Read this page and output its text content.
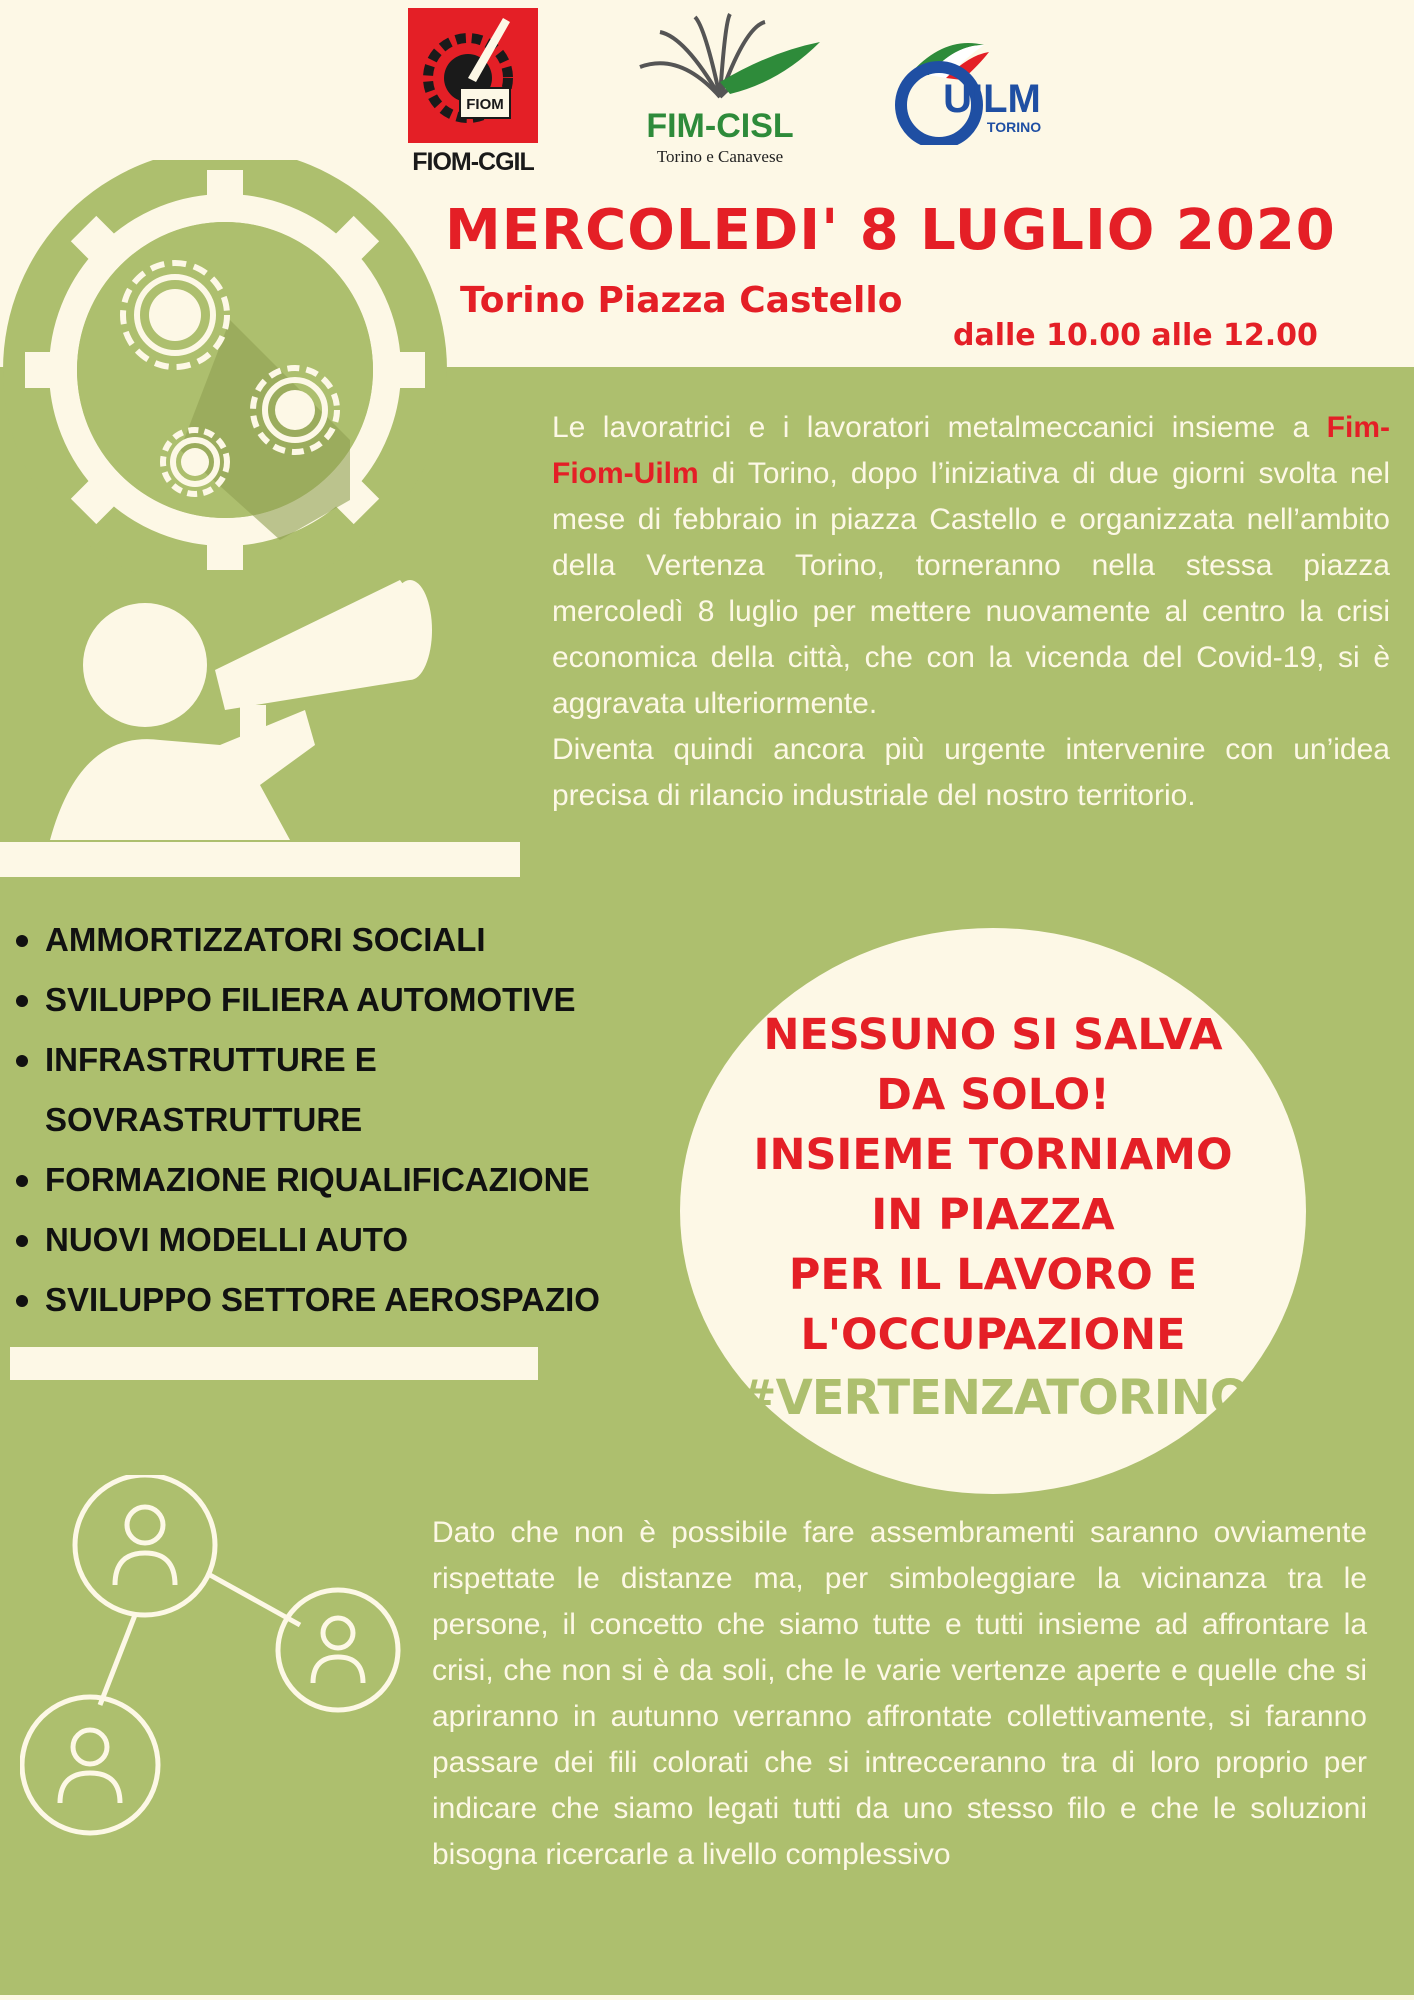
FIOM
FIOM-CGIL
FIM-CISL
Torino e Canavese
UILM
TORINO
MERCOLEDI' 8 LUGLIO 2020
Torino Piazza Castello
dalle 10.00 alle 12.00
Le lavoratrici e i lavoratori metalmeccanici insieme a Fim-Fiom-Uilm di Torino, dopo l’iniziativa di due giorni svolta nel mese di febbraio in piazza Castello e organizzata nell’ambito della Vertenza Torino, torneranno nella stessa piazza mercoledì 8 luglio per mettere nuovamente al centro la crisi economica della città, che con la vicenda del Covid-19, si è aggravata ulteriormente.
Diventa quindi ancora più urgente intervenire con un’idea precisa di rilancio industriale del nostro territorio.
AMMORTIZZATORI SOCIALI
SVILUPPO FILIERA AUTOMOTIVE
INFRASTRUTTURE E SOVRASTRUTTURE
FORMAZIONE RIQUALIFICAZIONE
NUOVI MODELLI AUTO
SVILUPPO SETTORE AEROSPAZIO
NESSUNO SI SALVA
DA SOLO!
INSIEME TORNIAMO
IN PIAZZA
PER IL LAVORO E
L'OCCUPAZIONE
#VERTENZATORINO
Dato che non è possibile fare assembramenti saranno ovviamente rispettate le distanze ma, per simboleggiare la vicinanza tra le persone, il concetto che siamo tutte e tutti insieme ad affrontare la crisi, che non si è da soli, che le varie vertenze aperte e quelle che si apriranno in autunno verranno affrontate collettivamente, si faranno passare dei fili colorati che si intrecceranno tra di loro proprio per indicare che siamo legati tutti da uno stesso filo e che le soluzioni bisogna ricercarle a livello complessivo
